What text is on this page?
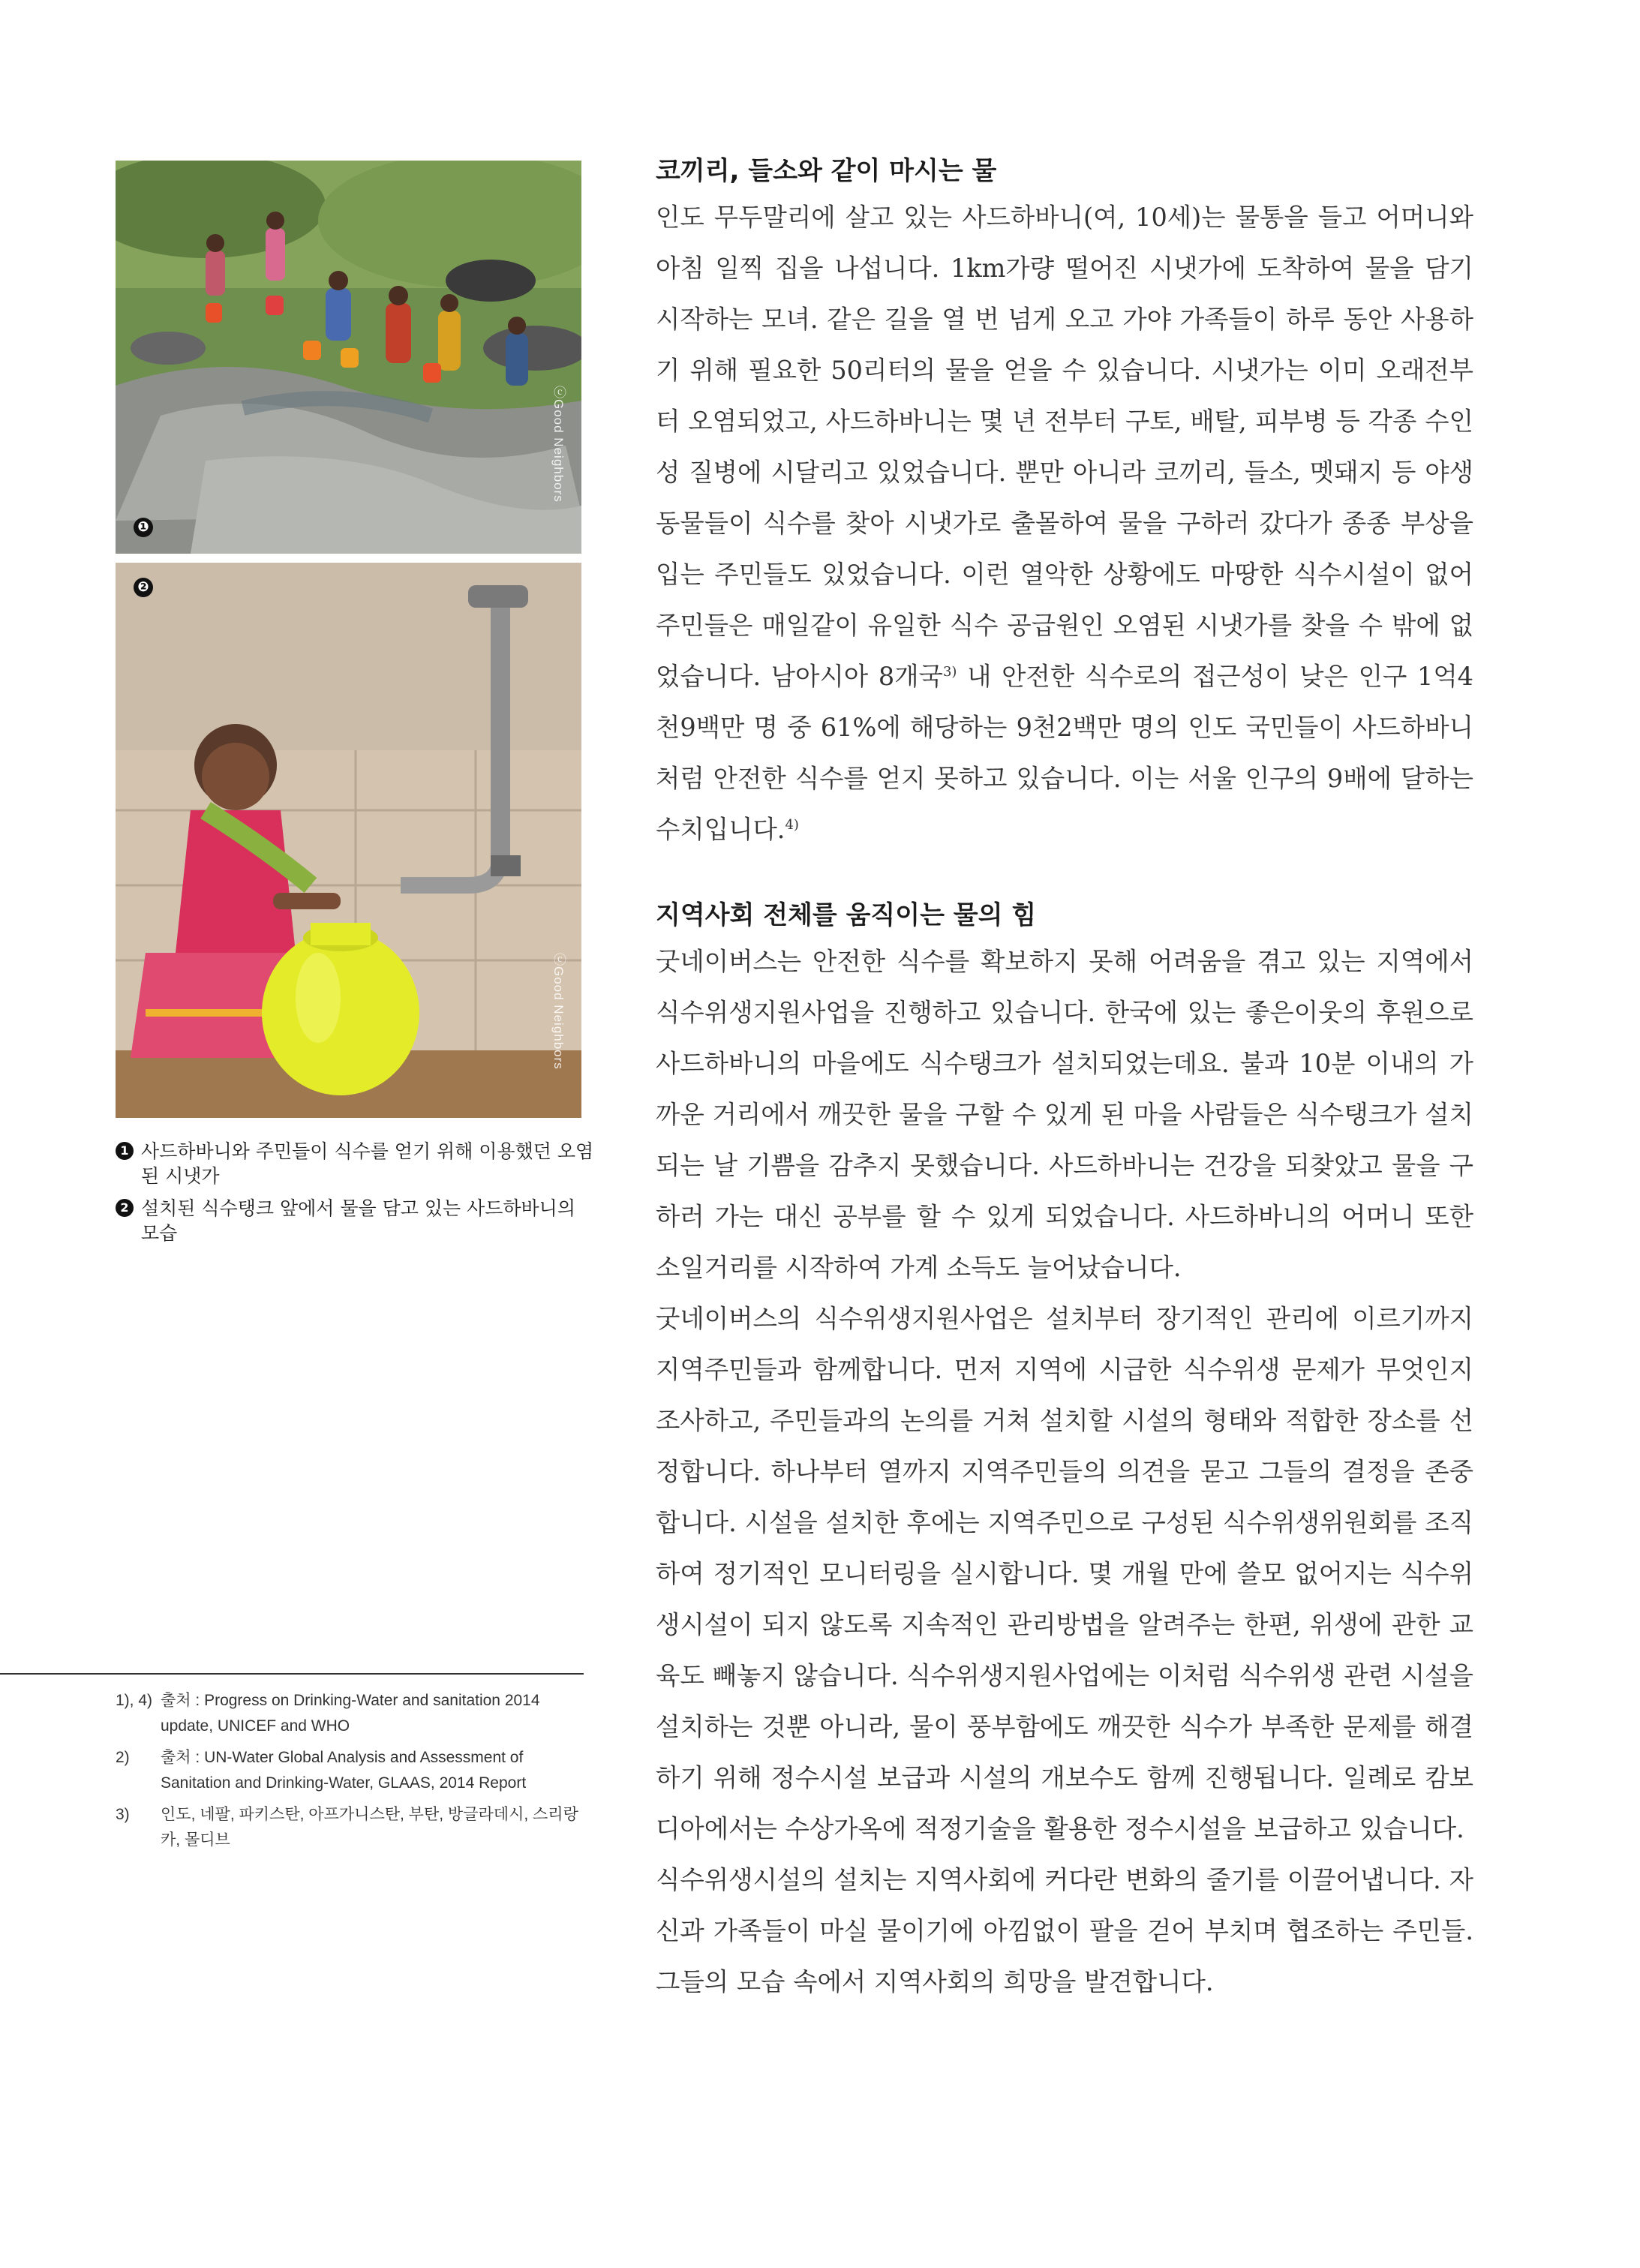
❶
ⓒGood Neighbors
❷
ⓒGood Neighbors
1 사드하바니와 주민들이 식수를 얻기 위해 이용했던 오염된 시냇가
2 설치된 식수탱크 앞에서 물을 담고 있는 사드하바니의 모습
1), 4) 출처 : Progress on Drinking-Water and sanitation 2014 update, UNICEF and WHO
2)	출처 : UN-Water Global Analysis and Assessment of Sanitation and Drinking-Water, GLAAS, 2014 Report
3)	인도, 네팔, 파키스탄, 아프가니스탄, 부탄, 방글라데시, 스리랑카, 몰디브
코끼리, 들소와 같이 마시는 물

인도 무두말리에 살고 있는 사드하바니(여, 10세)는 물통을 들고 어머니와 아침 일찍 집을 나섭니다. 1km가량 떨어진 시냇가에 도착하여 물을 담기 시작하는 모녀. 같은 길을 열 번 넘게 오고 가야 가족들이 하루 동안 사용하기 위해 필요한 50리터의 물을 얻을 수 있습니다. 시냇가는 이미 오래전부터 오염되었고, 사드하바니는 몇 년 전부터 구토, 배탈, 피부병 등 각종 수인성 질병에 시달리고 있었습니다. 뿐만 아니라 코끼리, 들소, 멧돼지 등 야생동물들이 식수를 찾아 시냇가로 출몰하여 물을 구하러 갔다가 종종 부상을 입는 주민들도 있었습니다. 이런 열악한 상황에도 마땅한 식수시설이 없어 주민들은 매일같이 유일한 식수 공급원인 오염된 시냇가를 찾을 수 밖에 없었습니다. 남아시아 8개국$^{3)}$ 내 안전한 식수로의 접근성이 낮은 인구 1억4천9백만 명 중 61%에 해당하는 9천2백만 명의 인도 국민들이 사드하바니처럼 안전한 식수를 얻지 못하고 있습니다. 이는 서울 인구의 9배에 달하는 수치입니다.$^{4)}$

지역사회 전체를 움직이는 물의 힘

굿네이버스는 안전한 식수를 확보하지 못해 어려움을 겪고 있는 지역에서 식수위생지원사업을 진행하고 있습니다. 한국에 있는 좋은이웃의 후원으로 사드하바니의 마을에도 식수탱크가 설치되었는데요. 불과 10분 이내의 가까운 거리에서 깨끗한 물을 구할 수 있게 된 마을 사람들은 식수탱크가 설치되는 날 기쁨을 감추지 못했습니다. 사드하바니는 건강을 되찾았고 물을 구하러 가는 대신 공부를 할 수 있게 되었습니다. 사드하바니의 어머니 또한 소일거리를 시작하여 가계 소득도 늘어났습니다.

굿네이버스의 식수위생지원사업은 설치부터 장기적인 관리에 이르기까지 지역주민들과 함께합니다. 먼저 지역에 시급한 식수위생 문제가 무엇인지 조사하고, 주민들과의 논의를 거쳐 설치할 시설의 형태와 적합한 장소를 선정합니다. 하나부터 열까지 지역주민들의 의견을 묻고 그들의 결정을 존중합니다. 시설을 설치한 후에는 지역주민으로 구성된 식수위생위원회를 조직하여 정기적인 모니터링을 실시합니다. 몇 개월 만에 쓸모 없어지는 식수위생시설이 되지 않도록 지속적인 관리방법을 알려주는 한편, 위생에 관한 교육도 빼놓지 않습니다. 식수위생지원사업에는 이처럼 식수위생 관련 시설을 설치하는 것뿐 아니라, 물이 풍부함에도 깨끗한 식수가 부족한 문제를 해결하기 위해 정수시설 보급과 시설의 개보수도 함께 진행됩니다. 일례로 캄보디아에서는 수상가옥에 적정기술을 활용한 정수시설을 보급하고 있습니다.

식수위생시설의 설치는 지역사회에 커다란 변화의 줄기를 이끌어냅니다. 자신과 가족들이 마실 물이기에 아낌없이 팔을 걷어 부치며 협조하는 주민들. 그들의 모습 속에서 지역사회의 희망을 발견합니다.
